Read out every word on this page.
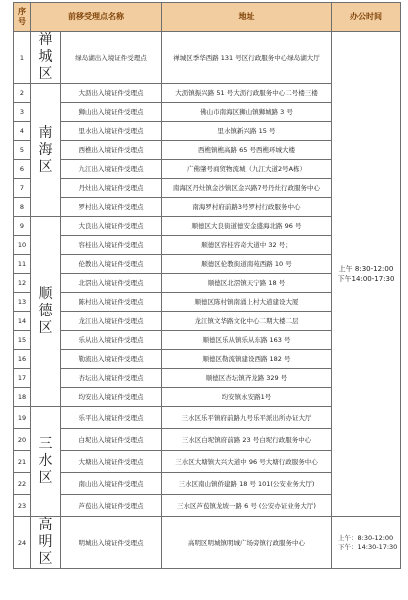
序号	前移受理点名称		地址	办公时间
1	禅城区	绿岛湖出入境证件受理点	禅城区季华西路 131 号区行政服务中心绿岛湖大厅	上午 8:30-12:00
下午14:00-17:30

2	南海区	大沥出入境证件受理点	大沥镇振兴路 51 号大沥行政服务中心二号楼三楼	
3		狮山出入境证件受理点	佛山市南海区狮山镇狮城路 3 号	
4		里水出入境证件受理点	里水镇新兴路 15 号	
5		西樵出入境证件受理点	西樵镇樵高路 65 号西樵环城大楼	
6		九江出入境证件受理点	广佛肇号商贸物流城（九江大道2号A栋）	
7		丹灶出入境证件受理点	南海区丹灶镇金沙镇区金兴路7号丹灶行政服务中心	
8		罗村出入境证件受理点	南海罗村府前路3号罗村行政服务中心	
9	顺德区	大良出入境证件受理点	顺德区大良街道德安金盛海北路 96 号	
10		容桂出入境证件受理点	顺德区容桂容奇大道中 32 号；	
11		伦教出入境证件受理点	顺德区伦教街道南苑西路 10 号	
12		北滘出入境证件受理点	顺德区北滘镇天宁路 18 号	
13		陈村出入境证件受理点	顺德区陈村镇南涌上村大道建设大厦	
14		龙江出入境证件受理点	龙江镇文华路文化中心二期大楼二层	
15		乐从出入境证件受理点	顺德区乐从镇乐从东路 163 号	
16		勒流出入境证件受理点	顺德区勒流镇建设西路 182 号	
17		杏坛出入境证件受理点	顺德区杏坛镇齐龙路 329 号	
18		均安出入境证件受理点	均安镇永安路1号	
19	三水区	乐平出入境证件受理点	三水区乐平镇府前路九号乐平派出所办证大厅	
20		白坭出入境证件受理点	三水区白坭镇府前路 23 号白坭行政服务中心	
21		大塘出入境证件受理点	三水区大塘镇大兴大道中 96 号大塘行政服务中心	
22		南山出入境证件受理点	三水区南山镇侨建路 18 号 101(公安业务大厅)	
23		芦苞出入境证件受理点	三水区芦苞镇龙坡一路 6 号 (公安办证业务大厅)	
24	高明区	明城出入境证件受理点	高明区明城镇明城广场旁镇行政服务中心	上午：8:30-12:00 下午：14:30-17:30
